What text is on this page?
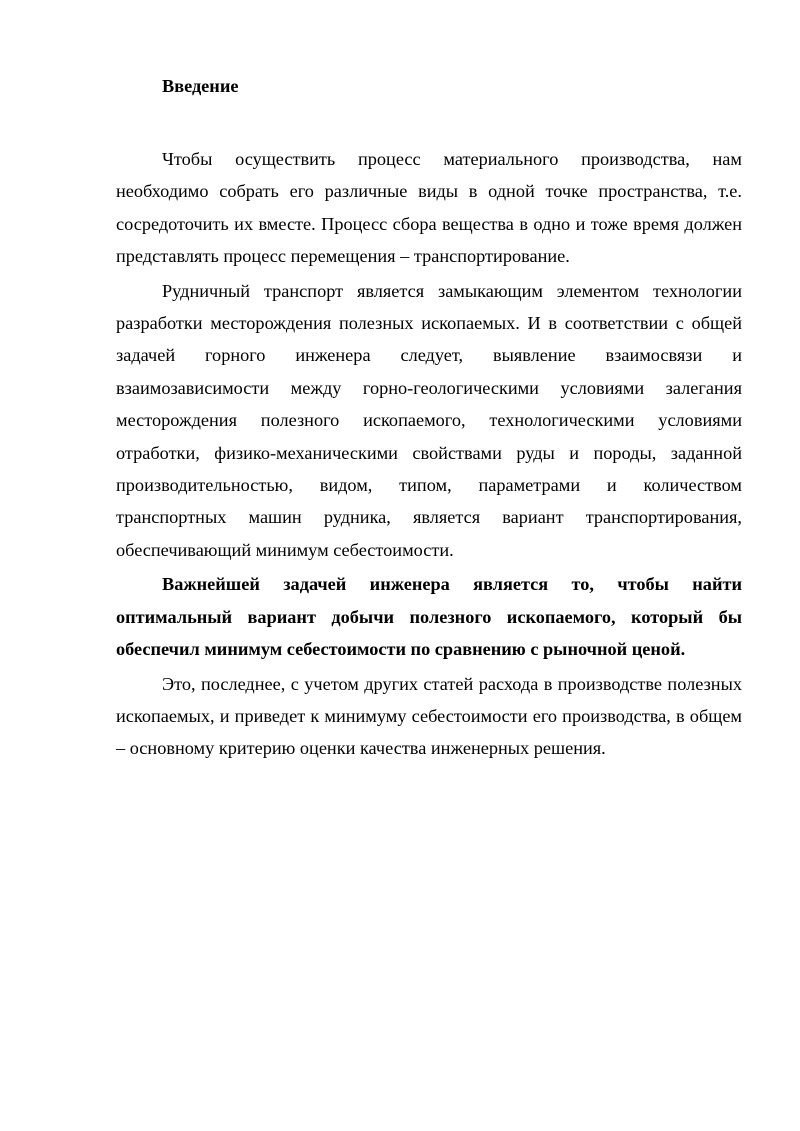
Введение

Чтобы осуществить процесс материального производства, нам необходимо собрать его различные виды в одной точке пространства, т.е. сосредоточить их вместе. Процесс сбора вещества в одно и тоже время должен представлять процесс перемещения – транспортирование.

Рудничный транспорт является замыкающим элементом технологии разработки месторождения полезных ископаемых. И в соответствии с общей задачей горного инженера следует, выявление взаимосвязи и взаимозависимости между горно-геологическими условиями залегания месторождения полезного ископаемого, технологическими условиями отработки, физико-механическими свойствами руды и породы, заданной производительностью, видом, типом, параметрами и количеством транспортных машин рудника, является вариант транспортирования, обеспечивающий минимум себестоимости.

Важнейшей задачей инженера является то, чтобы найти оптимальный вариант добычи полезного ископаемого, который бы обеспечил минимум себестоимости по сравнению с рыночной ценой.

Это, последнее, с учетом других статей расхода в производстве полезных ископаемых, и приведет к минимуму себестоимости его производства, в общем – основному критерию оценки качества инженерных решения.
